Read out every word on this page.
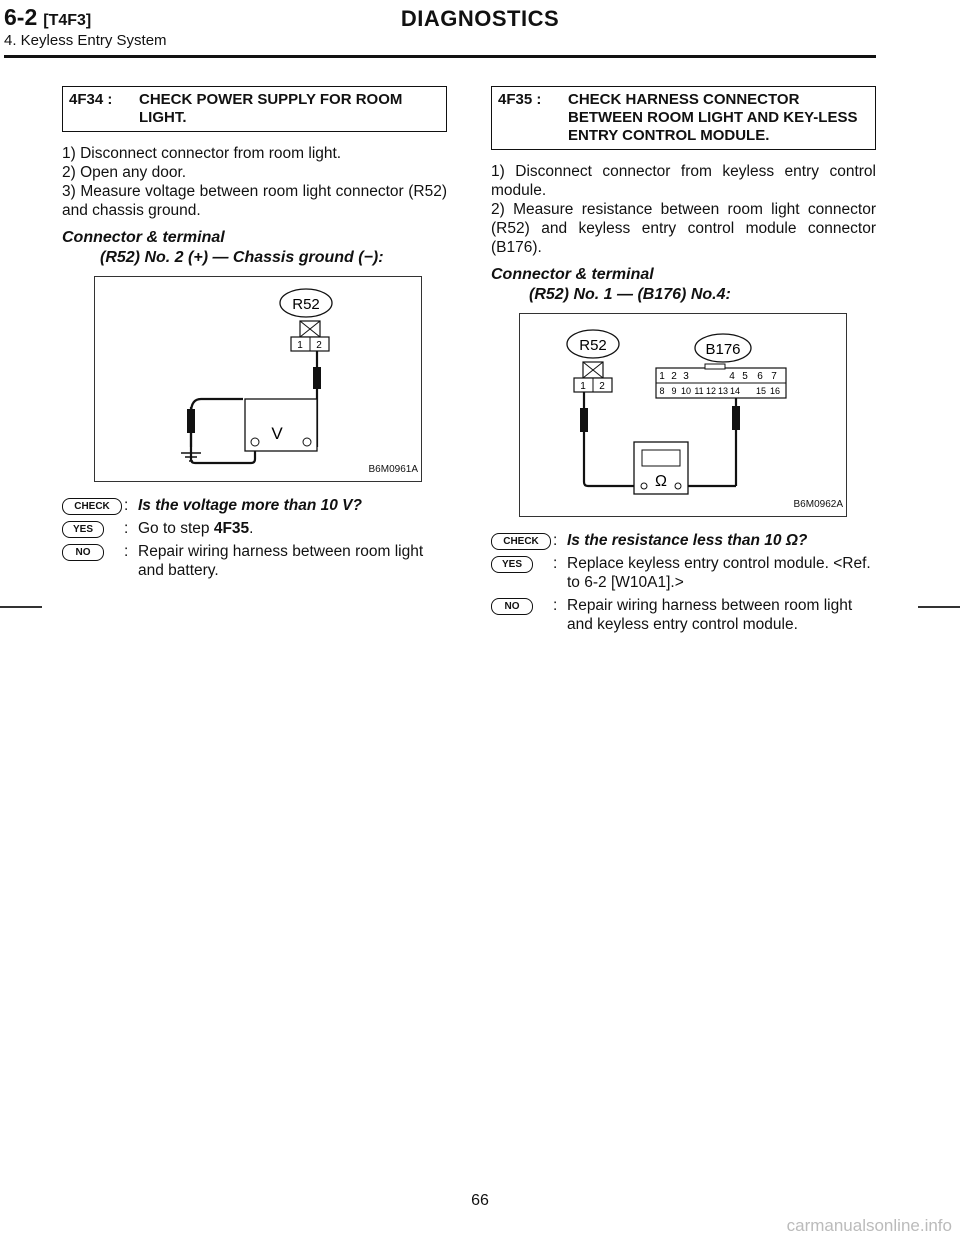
6-2 [T4F3]	DIAGNOSTICS
4. Keyless Entry System
4F34 :	CHECK POWER SUPPLY FOR ROOM LIGHT.
1) Disconnect connector from room light.
2) Open any door.
3) Measure voltage between room light connector (R52) and chassis ground.
Connector & terminal
(R52) No. 2 (+) — Chassis ground (−):
R52
1 2
V
B6M0961A
CHECK : Is the voltage more than 10 V?
YES	: Go to step 4F35.
NO	: Repair wiring harness between room light and battery.
4F35 :	CHECK HARNESS CONNECTOR BETWEEN ROOM LIGHT AND KEY-LESS ENTRY CONTROL MODULE.
1) Disconnect connector from keyless entry control module.
2) Measure resistance between room light connector (R52) and keyless entry control module connector (B176).
Connector & terminal
(R52) No. 1 — (B176) No.4:
R52
1 2
B176
1 2 3	4 5 6 7
8 9 10 11 12 13 14 15 16
Ω
B6M0962A
CHECK : Is the resistance less than 10 Ω?
YES	: Replace keyless entry control module. <Ref. to 6-2 [W10A1].>
NO	: Repair wiring harness between room light and keyless entry control module.
66
carmanualsonline.info
